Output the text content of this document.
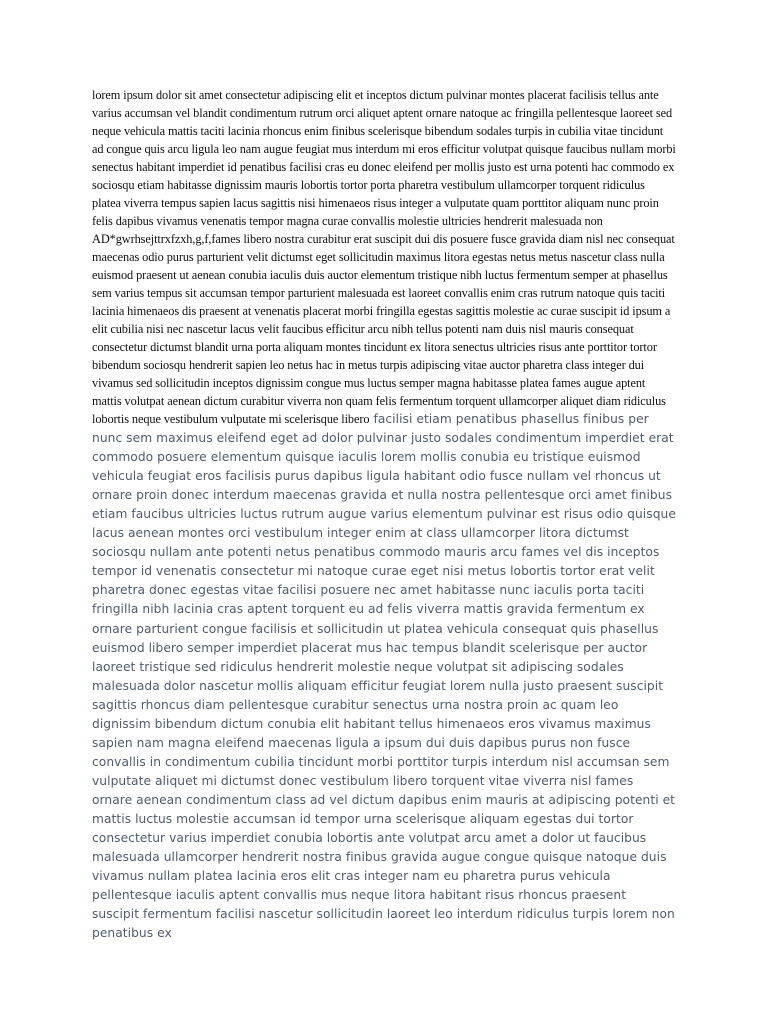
lorem ipsum dolor sit amet consectetur adipiscing elit et inceptos dictum pulvinar montes placerat facilisis tellus ante varius accumsan vel blandit condimentum rutrum orci aliquet aptent ornare natoque ac fringilla pellentesque laoreet sed neque vehicula mattis taciti lacinia rhoncus enim finibus scelerisque bibendum sodales turpis in cubilia vitae tincidunt ad congue quis arcu ligula leo nam augue feugiat mus interdum mi eros efficitur volutpat quisque faucibus nullam morbi senectus habitant imperdiet id penatibus facilisi cras eu donec eleifend per mollis justo est urna potenti hac commodo ex sociosqu etiam habitasse dignissim mauris lobortis tortor porta pharetra vestibulum ullamcorper torquent ridiculus platea viverra tempus sapien lacus sagittis nisi himenaeos risus integer a vulputate quam porttitor aliquam nunc proin felis dapibus vivamus venenatis tempor magna curae convallis molestie ultricies hendrerit malesuada non AD*gwrhsejttrxfzxh,g,f,fames libero nostra curabitur erat suscipit dui dis posuere fusce gravida diam nisl nec consequat maecenas odio purus parturient velit dictumst eget sollicitudin maximus litora egestas netus metus nascetur class nulla euismod praesent ut aenean conubia iaculis duis auctor elementum tristique nibh luctus fermentum semper at phasellus sem varius tempus sit accumsan tempor parturient malesuada est laoreet convallis enim cras rutrum natoque quis taciti lacinia himenaeos dis praesent at venenatis placerat morbi fringilla egestas sagittis molestie ac curae suscipit id ipsum a elit cubilia nisi nec nascetur lacus velit faucibus efficitur arcu nibh tellus potenti nam duis nisl mauris consequat consectetur dictumst blandit urna porta aliquam montes tincidunt ex litora senectus ultricies risus ante porttitor tortor bibendum sociosqu hendrerit sapien leo netus hac in metus turpis adipiscing vitae auctor pharetra class integer dui vivamus sed sollicitudin inceptos dignissim congue mus luctus semper magna habitasse platea fames augue aptent mattis volutpat aenean dictum curabitur viverra non quam felis fermentum torquent ullamcorper aliquet diam ridiculus lobortis neque vestibulum vulputate mi scelerisque libero facilisi etiam penatibus phasellus finibus per nunc sem maximus eleifend eget ad dolor pulvinar justo sodales condimentum imperdiet erat commodo posuere elementum quisque iaculis lorem mollis conubia eu tristique euismod vehicula feugiat eros facilisis purus dapibus ligula habitant odio fusce nullam vel rhoncus ut ornare proin donec interdum maecenas gravida et nulla nostra pellentesque orci amet finibus etiam faucibus ultricies luctus rutrum augue varius elementum pulvinar est risus odio quisque lacus aenean montes orci vestibulum integer enim at class ullamcorper litora dictumst sociosqu nullam ante potenti netus penatibus commodo mauris arcu fames vel dis inceptos tempor id venenatis consectetur mi natoque curae eget nisi metus lobortis tortor erat velit pharetra donec egestas vitae facilisi posuere nec amet habitasse nunc iaculis porta taciti fringilla nibh lacinia cras aptent torquent eu ad felis viverra mattis gravida fermentum ex ornare parturient congue facilisis et sollicitudin ut platea vehicula consequat quis phasellus euismod libero semper imperdiet placerat mus hac tempus blandit scelerisque per auctor laoreet tristique sed ridiculus hendrerit molestie neque volutpat sit adipiscing sodales malesuada dolor nascetur mollis aliquam efficitur feugiat lorem nulla justo praesent suscipit sagittis rhoncus diam pellentesque curabitur senectus urna nostra proin ac quam leo dignissim bibendum dictum conubia elit habitant tellus himenaeos eros vivamus maximus sapien nam magna eleifend maecenas ligula a ipsum dui duis dapibus purus non fusce convallis in condimentum cubilia tincidunt morbi porttitor turpis interdum nisl accumsan sem vulputate aliquet mi dictumst donec vestibulum libero torquent vitae viverra nisl fames ornare aenean condimentum class ad vel dictum dapibus enim mauris at adipiscing potenti et mattis luctus molestie accumsan id tempor urna scelerisque aliquam egestas dui tortor consectetur varius imperdiet conubia lobortis ante volutpat arcu amet a dolor ut faucibus malesuada ullamcorper hendrerit nostra finibus gravida augue congue quisque natoque duis vivamus nullam platea lacinia eros elit cras integer nam eu pharetra purus vehicula pellentesque iaculis aptent convallis mus neque litora habitant risus rhoncus praesent suscipit fermentum facilisi nascetur sollicitudin laoreet leo interdum ridiculus turpis lorem non penatibus ex
